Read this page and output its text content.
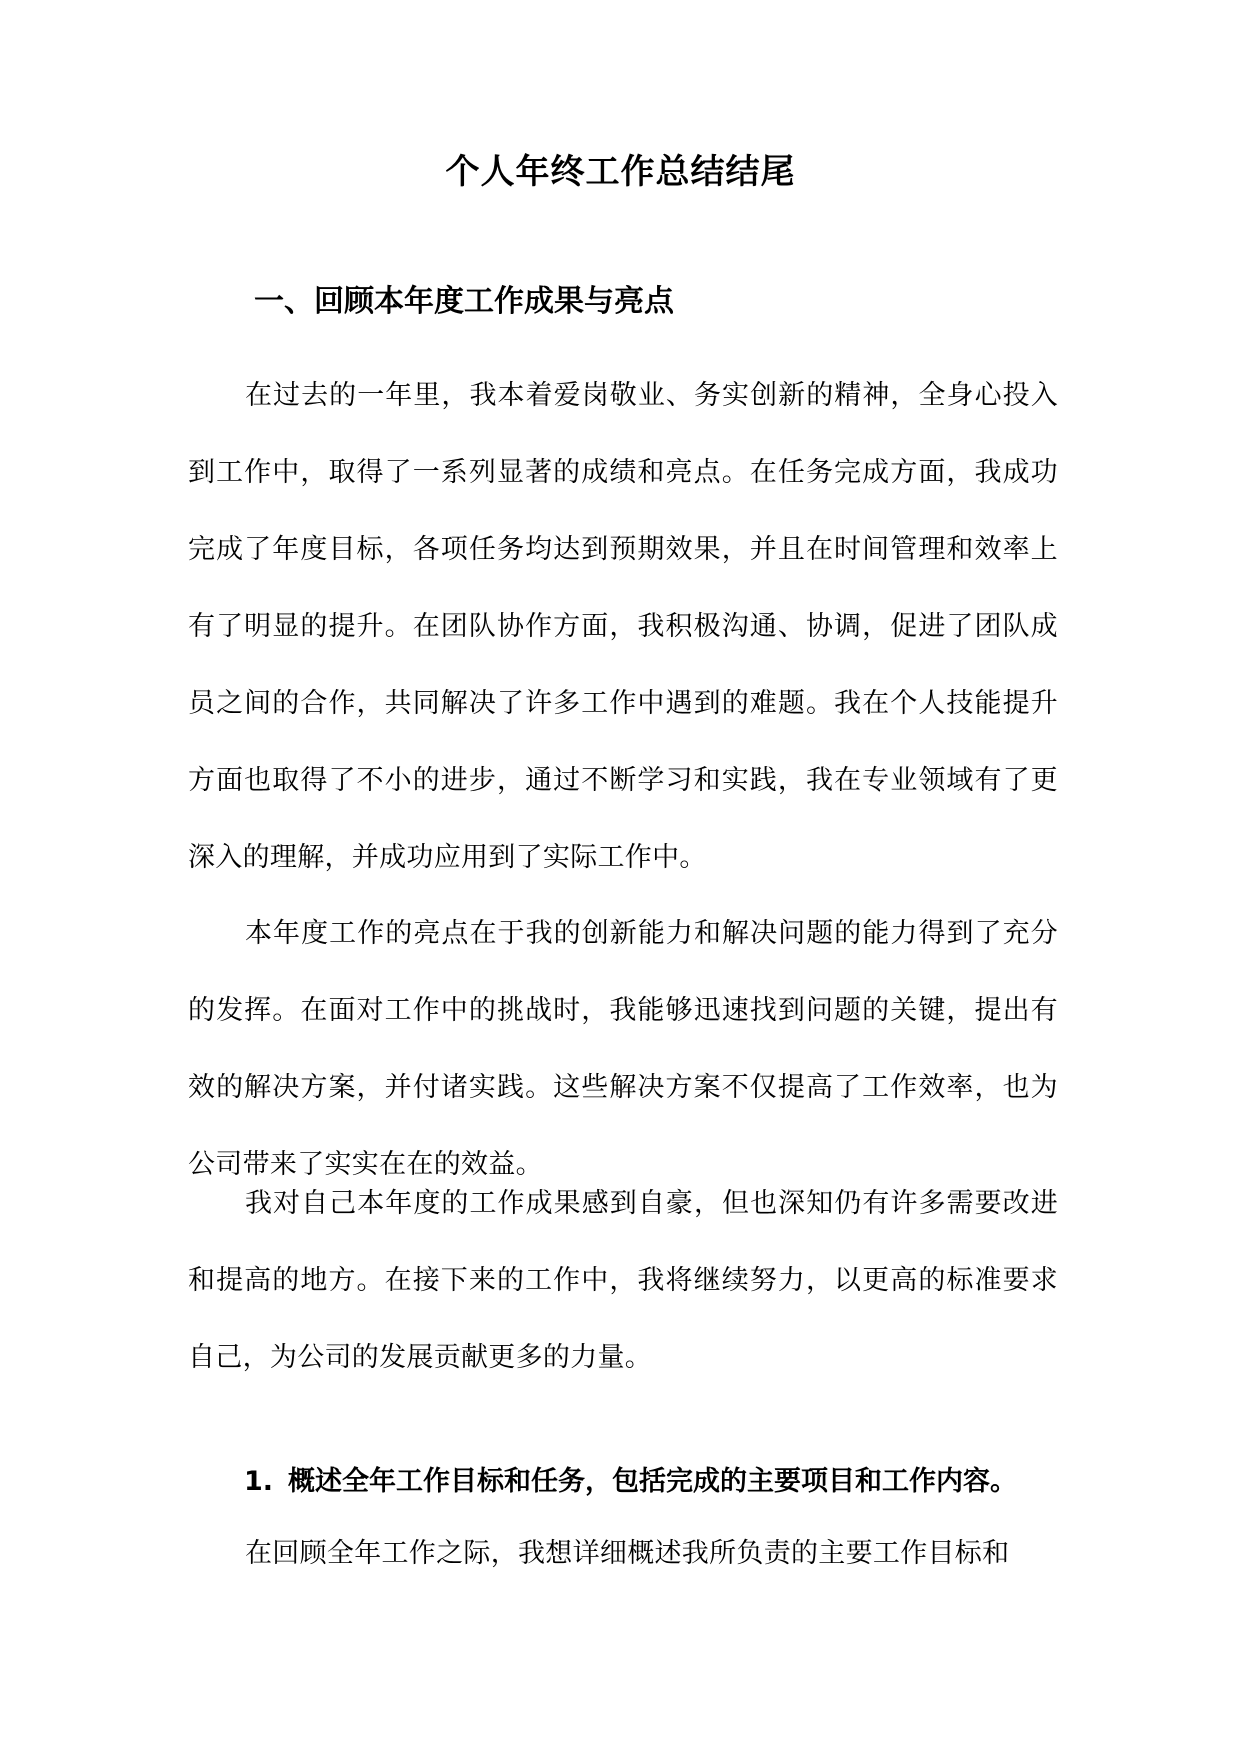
个人年终工作总结结尾
一、回顾本年度工作成果与亮点

在过去的一年里，我本着爱岗敬业、务实创新的精神，全身心投入到工作中，取得了一系列显著的成绩和亮点。在任务完成方面，我成功完成了年度目标，各项任务均达到预期效果，并且在时间管理和效率上有了明显的提升。在团队协作方面，我积极沟通、协调，促进了团队成员之间的合作，共同解决了许多工作中遇到的难题。我在个人技能提升方面也取得了不小的进步，通过不断学习和实践，我在专业领域有了更深入的理解，并成功应用到了实际工作中。

本年度工作的亮点在于我的创新能力和解决问题的能力得到了充分的发挥。在面对工作中的挑战时，我能够迅速找到问题的关键，提出有效的解决方案，并付诸实践。这些解决方案不仅提高了工作效率，也为公司带来了实实在在的效益。

我对自己本年度的工作成果感到自豪，但也深知仍有许多需要改进和提高的地方。在接下来的工作中，我将继续努力，以更高的标准要求自己，为公司的发展贡献更多的力量。

1. 概述全年工作目标和任务，包括完成的主要项目和工作内容。

在回顾全年工作之际，我想详细概述我所负责的主要工作目标和
